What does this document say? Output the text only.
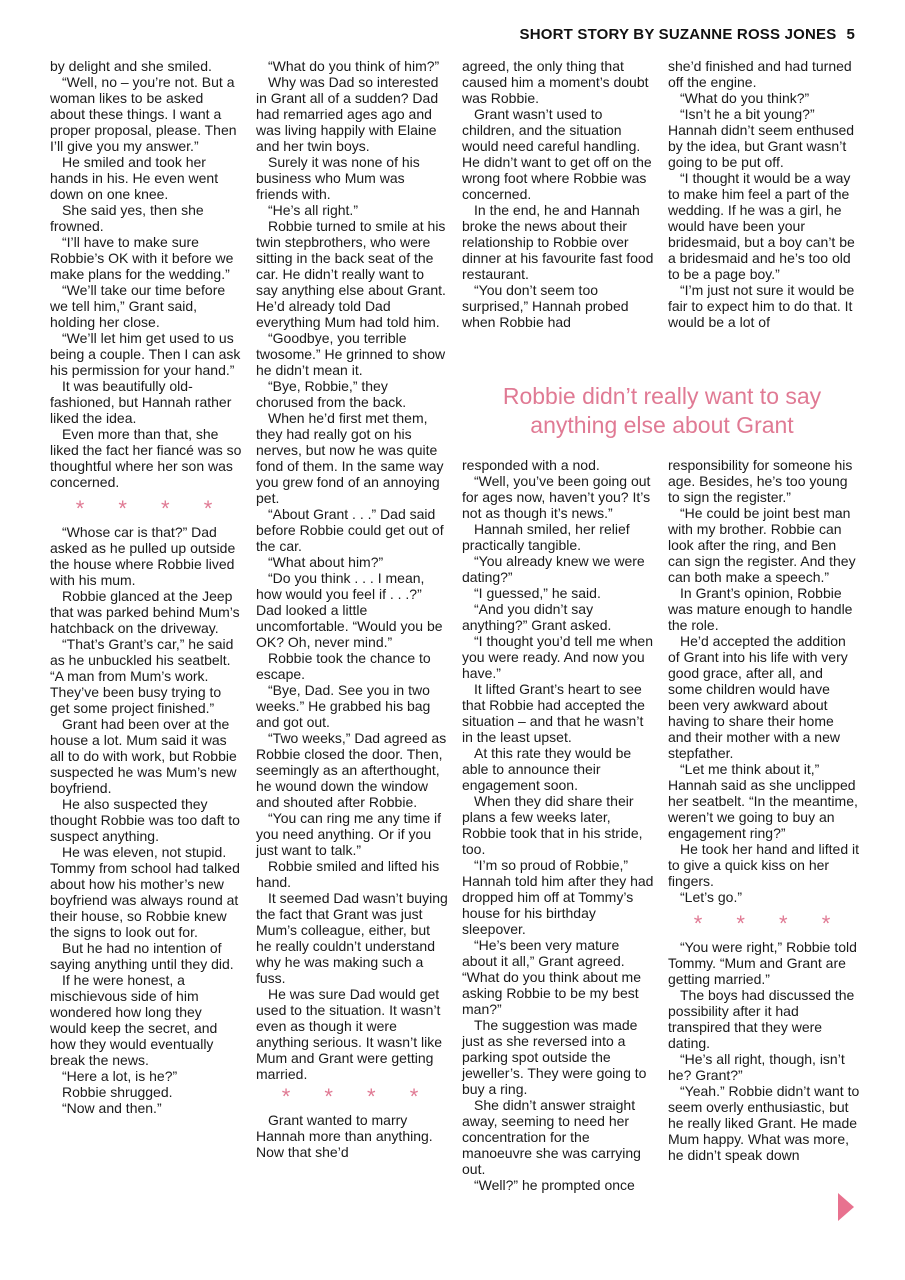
SHORT STORY BY SUZANNE ROSS JONES 5

by delight and she smiled.

“Well, no – you’re not. But a woman likes to be asked about these things. I want a proper proposal, please. Then I’ll give you my answer.”

He smiled and took her hands in his. He even went down on one knee.

She said yes, then she frowned.

“I’ll have to make sure Robbie’s OK with it before we make plans for the wedding.”

“We’ll take our time before we tell him,” Grant said, holding her close.

“We’ll let him get used to us being a couple. Then I can ask his permission for your hand.”

It was beautifully old-fashioned, but Hannah rather liked the idea.

Even more than that, she liked the fact her fiancé was so thoughtful where her son was concerned.

* * * *

“Whose car is that?” Dad asked as he pulled up outside the house where Robbie lived with his mum.

Robbie glanced at the Jeep that was parked behind Mum’s hatchback on the driveway.

“That’s Grant’s car,” he said as he unbuckled his seatbelt. “A man from Mum’s work. They’ve been busy trying to get some project finished.”

Grant had been over at the house a lot. Mum said it was all to do with work, but Robbie suspected he was Mum’s new boyfriend.

He also suspected they thought Robbie was too daft to suspect anything.

He was eleven, not stupid. Tommy from school had talked about how his mother’s new boyfriend was always round at their house, so Robbie knew the signs to look out for.

But he had no intention of saying anything until they did.

If he were honest, a mischievous side of him wondered how long they would keep the secret, and how they would eventually break the news.

“Here a lot, is he?”

Robbie shrugged.

“Now and then.”

“What do you think of him?”

Why was Dad so interested in Grant all of a sudden? Dad had remarried ages ago and was living happily with Elaine and her twin boys.

Surely it was none of his business who Mum was friends with.

“He’s all right.”

Robbie turned to smile at his twin stepbrothers, who were sitting in the back seat of the car. He didn’t really want to say anything else about Grant. He’d already told Dad everything Mum had told him.

“Goodbye, you terrible twosome.” He grinned to show he didn’t mean it.

“Bye, Robbie,” they chorused from the back.

When he’d first met them, they had really got on his nerves, but now he was quite fond of them. In the same way you grew fond of an annoying pet.

“About Grant . . .” Dad said before Robbie could get out of the car.

“What about him?”

“Do you think . . . I mean, how would you feel if . . .?” Dad looked a little uncomfortable. “Would you be OK? Oh, never mind.”

Robbie took the chance to escape.

“Bye, Dad. See you in two weeks.” He grabbed his bag and got out.

“Two weeks,” Dad agreed as Robbie closed the door. Then, seemingly as an afterthought, he wound down the window and shouted after Robbie.

“You can ring me any time if you need anything. Or if you just want to talk.”

Robbie smiled and lifted his hand.

It seemed Dad wasn’t buying the fact that Grant was just Mum’s colleague, either, but he really couldn’t understand why he was making such a fuss.

He was sure Dad would get used to the situation. It wasn’t even as though it were anything serious. It wasn’t like Mum and Grant were getting married.

* * * *

Grant wanted to marry Hannah more than anything. Now that she’d

agreed, the only thing that caused him a moment’s doubt was Robbie.

Grant wasn’t used to children, and the situation would need careful handling. He didn’t want to get off on the wrong foot where Robbie was concerned.

In the end, he and Hannah broke the news about their relationship to Robbie over dinner at his favourite fast food restaurant.

“You don’t seem too surprised,” Hannah probed when Robbie had

she’d finished and had turned off the engine.

“What do you think?”

“Isn’t he a bit young?” Hannah didn’t seem enthused by the idea, but Grant wasn’t going to be put off.

“I thought it would be a way to make him feel a part of the wedding. If he was a girl, he would have been your bridesmaid, but a boy can’t be a bridesmaid and he’s too old to be a page boy.”

“I’m just not sure it would be fair to expect him to do that. It would be a lot of

Robbie didn’t really want to say anything else about Grant

responded with a nod.

“Well, you’ve been going out for ages now, haven’t you? It’s not as though it’s news.”

Hannah smiled, her relief practically tangible.

“You already knew we were dating?”

“I guessed,” he said.

“And you didn’t say anything?” Grant asked.

“I thought you’d tell me when you were ready. And now you have.”

It lifted Grant’s heart to see that Robbie had accepted the situation – and that he wasn’t in the least upset.

At this rate they would be able to announce their engagement soon.

When they did share their plans a few weeks later, Robbie took that in his stride, too.

“I’m so proud of Robbie,” Hannah told him after they had dropped him off at Tommy’s house for his birthday sleepover.

“He’s been very mature about it all,” Grant agreed. “What do you think about me asking Robbie to be my best man?”

The suggestion was made just as she reversed into a parking spot outside the jeweller’s. They were going to buy a ring.

She didn’t answer straight away, seeming to need her concentration for the manoeuvre she was carrying out.

“Well?” he prompted once

responsibility for someone his age. Besides, he’s too young to sign the register.”

“He could be joint best man with my brother. Robbie can look after the ring, and Ben can sign the register. And they can both make a speech.”

In Grant’s opinion, Robbie was mature enough to handle the role.

He’d accepted the addition of Grant into his life with very good grace, after all, and some children would have been very awkward about having to share their home and their mother with a new stepfather.

“Let me think about it,” Hannah said as she unclipped her seatbelt. “In the meantime, weren’t we going to buy an engagement ring?”

He took her hand and lifted it to give a quick kiss on her fingers.

“Let’s go.”

* * * *

“You were right,” Robbie told Tommy. “Mum and Grant are getting married.”

The boys had discussed the possibility after it had transpired that they were dating.

“He’s all right, though, isn’t he? Grant?”

“Yeah.” Robbie didn’t want to seem overly enthusiastic, but he really liked Grant. He made Mum happy. What was more, he didn’t speak down
